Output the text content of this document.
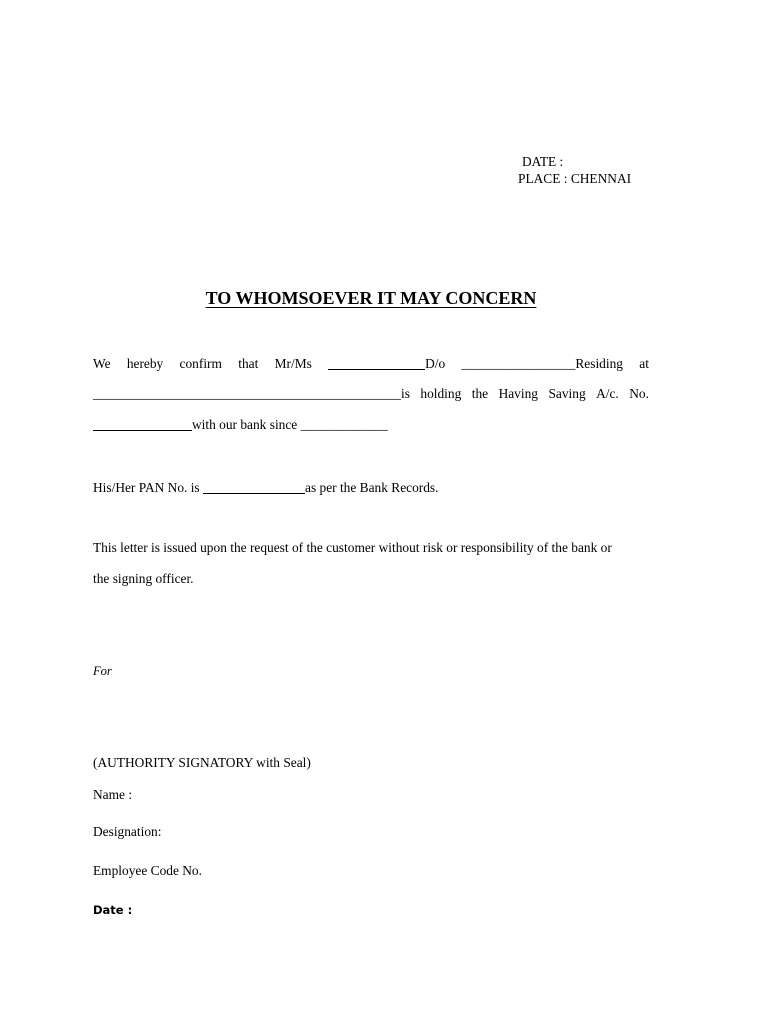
DATE :
PLACE : CHENNAI
TO WHOMSOEVER IT MAY CONCERN
We hereby confirm that Mr/Ms	D/o _________________Residing at
______________________________________________is holding the Having Saving A/c. No.
with our bank since _____________
His/Her PAN No. is	as per the Bank Records.
This letter is issued upon the request of the customer without risk or responsibility of the bank or
the signing officer.
For
(AUTHORITY SIGNATORY with Seal)
Name :
Designation:
Employee Code No.
Date :
